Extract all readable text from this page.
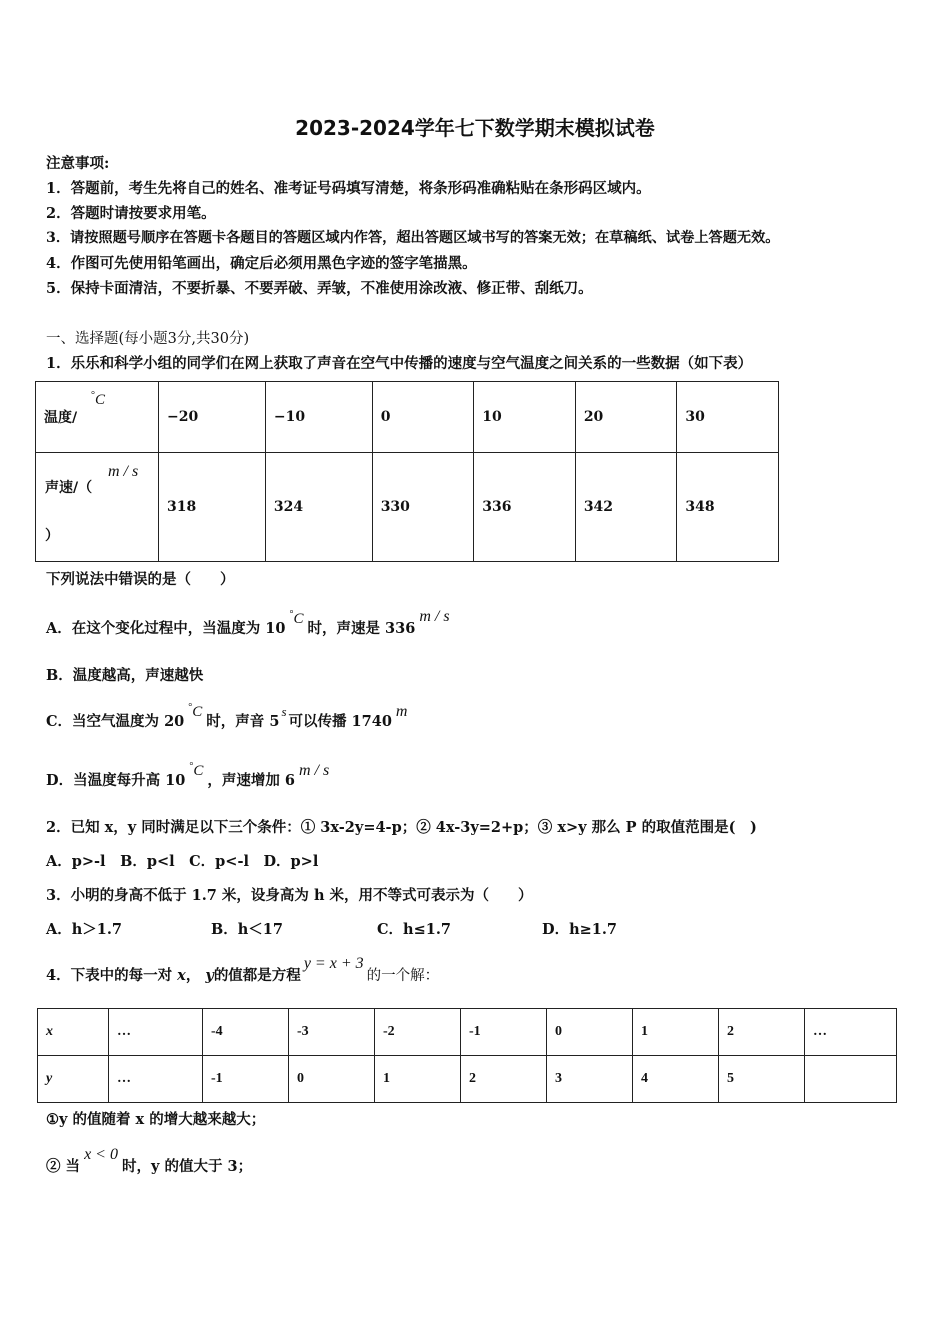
2023-2024学年七下数学期末模拟试卷
注意事项:
1．答题前，考生先将自己的姓名、准考证号码填写清楚，将条形码准确粘贴在条形码区域内。
2．答题时请按要求用笔。
3．请按照题号顺序在答题卡各题目的答题区域内作答，超出答题区域书写的答案无效；在草稿纸、试卷上答题无效。
4．作图可先使用铅笔画出，确定后必须用黑色字迹的签字笔描黑。
5．保持卡面清洁，不要折暴、不要弄破、弄皱，不准使用涂改液、修正带、刮纸刀。
一、选择题(每小题3分,共30分)
1．乐乐和科学小组的同学们在网上获取了声音在空气中传播的速度与空气温度之间关系的一些数据（如下表）
温度/
°C	−20	−10	0	10	20	30

声速/（
m / s
）	318	324	330	336	342	348
下列说法中错误的是（　　）
A．在这个变化过程中，当温度为 10°C时，声速是 336m / s
B．温度越高，声速越快
C．当空气温度为 20°C时，声音 5s可以传播 1740m
D．当温度每升高 10°C，声速增加 6m / s
2．已知 x，y 同时满足以下三个条件：① 3x-2y=4-p；② 4x-3y=2+p；③ x>y 那么 P 的取值范围是(　)
A．p>-l　B．p<l　C．p<-l　D．p>l
3．小明的身高不低于 1.7 米，设身高为 h 米，用不等式可表示为（　　）
A．h＞1.7	B．h＜17	C．h≤1.7	D．h≥1.7
4．下表中的每一对 x， y的值都是方程y = x + 3的一个解：
x	…	-4	-3	-2	-1	0	1	2	…
y	…	-1	0	1	2	3	4	5	
①y 的值随着 x 的增大越来越大；
② 当x < 0时，y 的值大于 3；
